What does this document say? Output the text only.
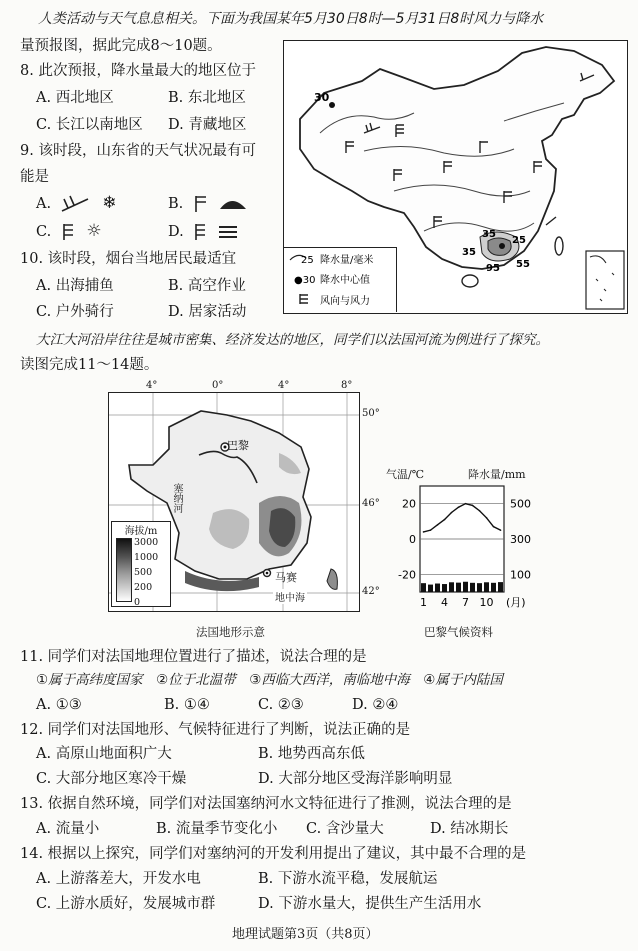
人类活动与天气息息相关。下面为我国某年5月30日8时—5月31日8时风力与降水
量预报图，据此完成8～10题。
8. 此次预报，降水量最大的地区位于
A. 西北地区	B. 东北地区
C. 长江以南地区 D. 青藏地区
9. 该时段，山东省的天气状况最有可
能是
A.	❄	B.
C. ☼	D.
10. 该时段，烟台当地居民最适宜
A. 出海捕鱼	B. 高空作业
C. 户外骑行	D. 居家活动
30
35
25
95 55
35
25 降水量/毫米
●30 降水中心值
风向与风力
大江大河沿岸往往是城市密集、经济发达的地区，同学们以法国河流为例进行了探究。
读图完成11～14题。
巴黎
塞纳河
马赛
地中海
海拔/m
3000
1000
500
200
0
4°	0°	4°	8°
50°
46°
42°
法国地形示意
气温/℃	降水量/mm
20
0
-20
500
300
100
1 4 7 10 (月)
巴黎气候资料
11. 同学们对法国地理位置进行了描述，说法合理的是
①属于高纬度国家　②位于北温带　③西临大西洋，南临地中海　④属于内陆国
A. ①③	B. ①④	C. ②③	D. ②④
12. 同学们对法国地形、气候特征进行了判断，说法正确的是
A. 高原山地面积广大	B. 地势西高东低
C. 大部分地区寒冷干燥	D. 大部分地区受海洋影响明显
13. 依据自然环境，同学们对法国塞纳河水文特征进行了推测，说法合理的是
A. 流量小	B. 流量季节变化小 C. 含沙量大	D. 结冰期长
14. 根据以上探究，同学们对塞纳河的开发利用提出了建议，其中最不合理的是
A. 上游落差大，开发水电	B. 下游水流平稳，发展航运
C. 上游水质好，发展城市群	D. 下游水量大，提供生产生活用水
地理试题第3页（共8页）
